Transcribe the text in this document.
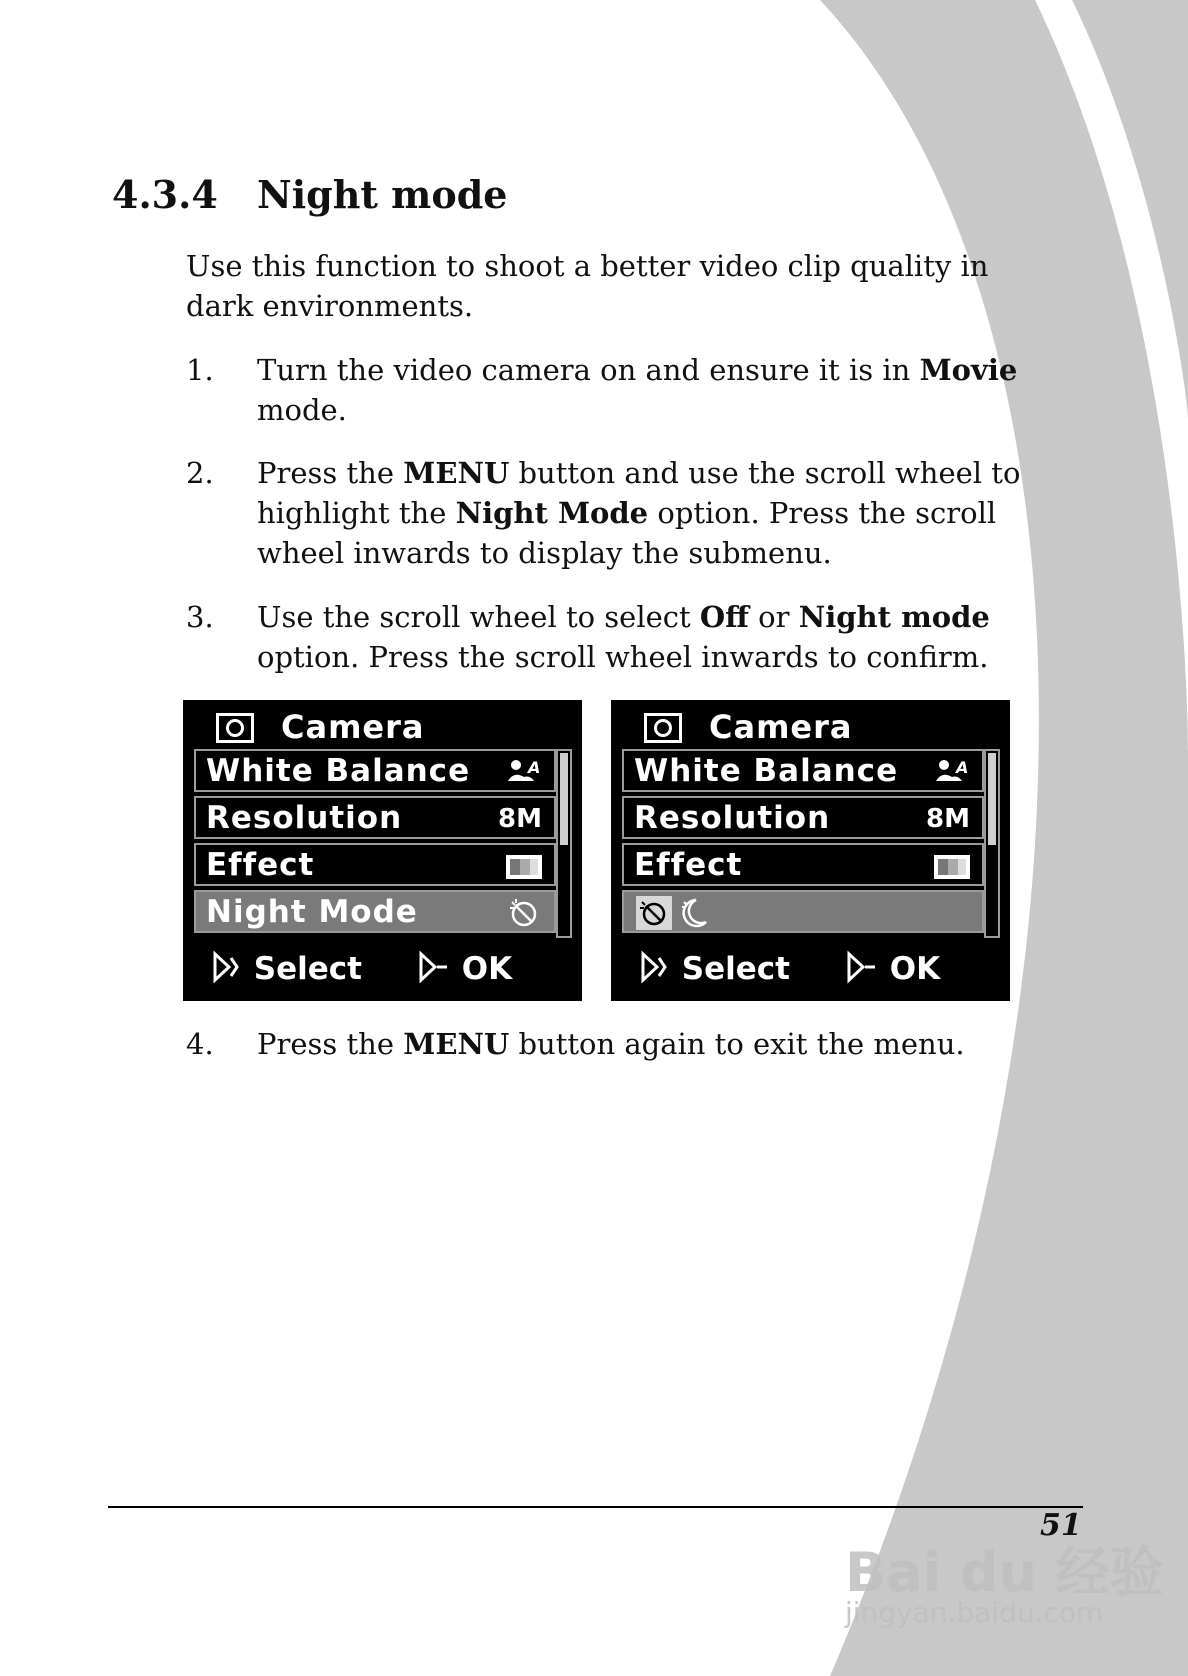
4.3.4 Night mode
Use this function to shoot a better video clip quality in dark environments.
1. Turn the video camera on and ensure it is in Movie mode.
2. Press the MENU button and use the scroll wheel to highlight the Night Mode option. Press the scroll wheel inwards to display the submenu.
3. Use the scroll wheel to select Off or Night mode option. Press the scroll wheel inwards to confirm.
Camera
White Balance	A
Resolution	8M
Effect
Night Mode
Select	OK
Camera
White Balance	A
Resolution	8M
Effect
Select	OK
4. Press the MENU button again to exit the menu.
51
Bai du 经验
jingyan.baidu.com
